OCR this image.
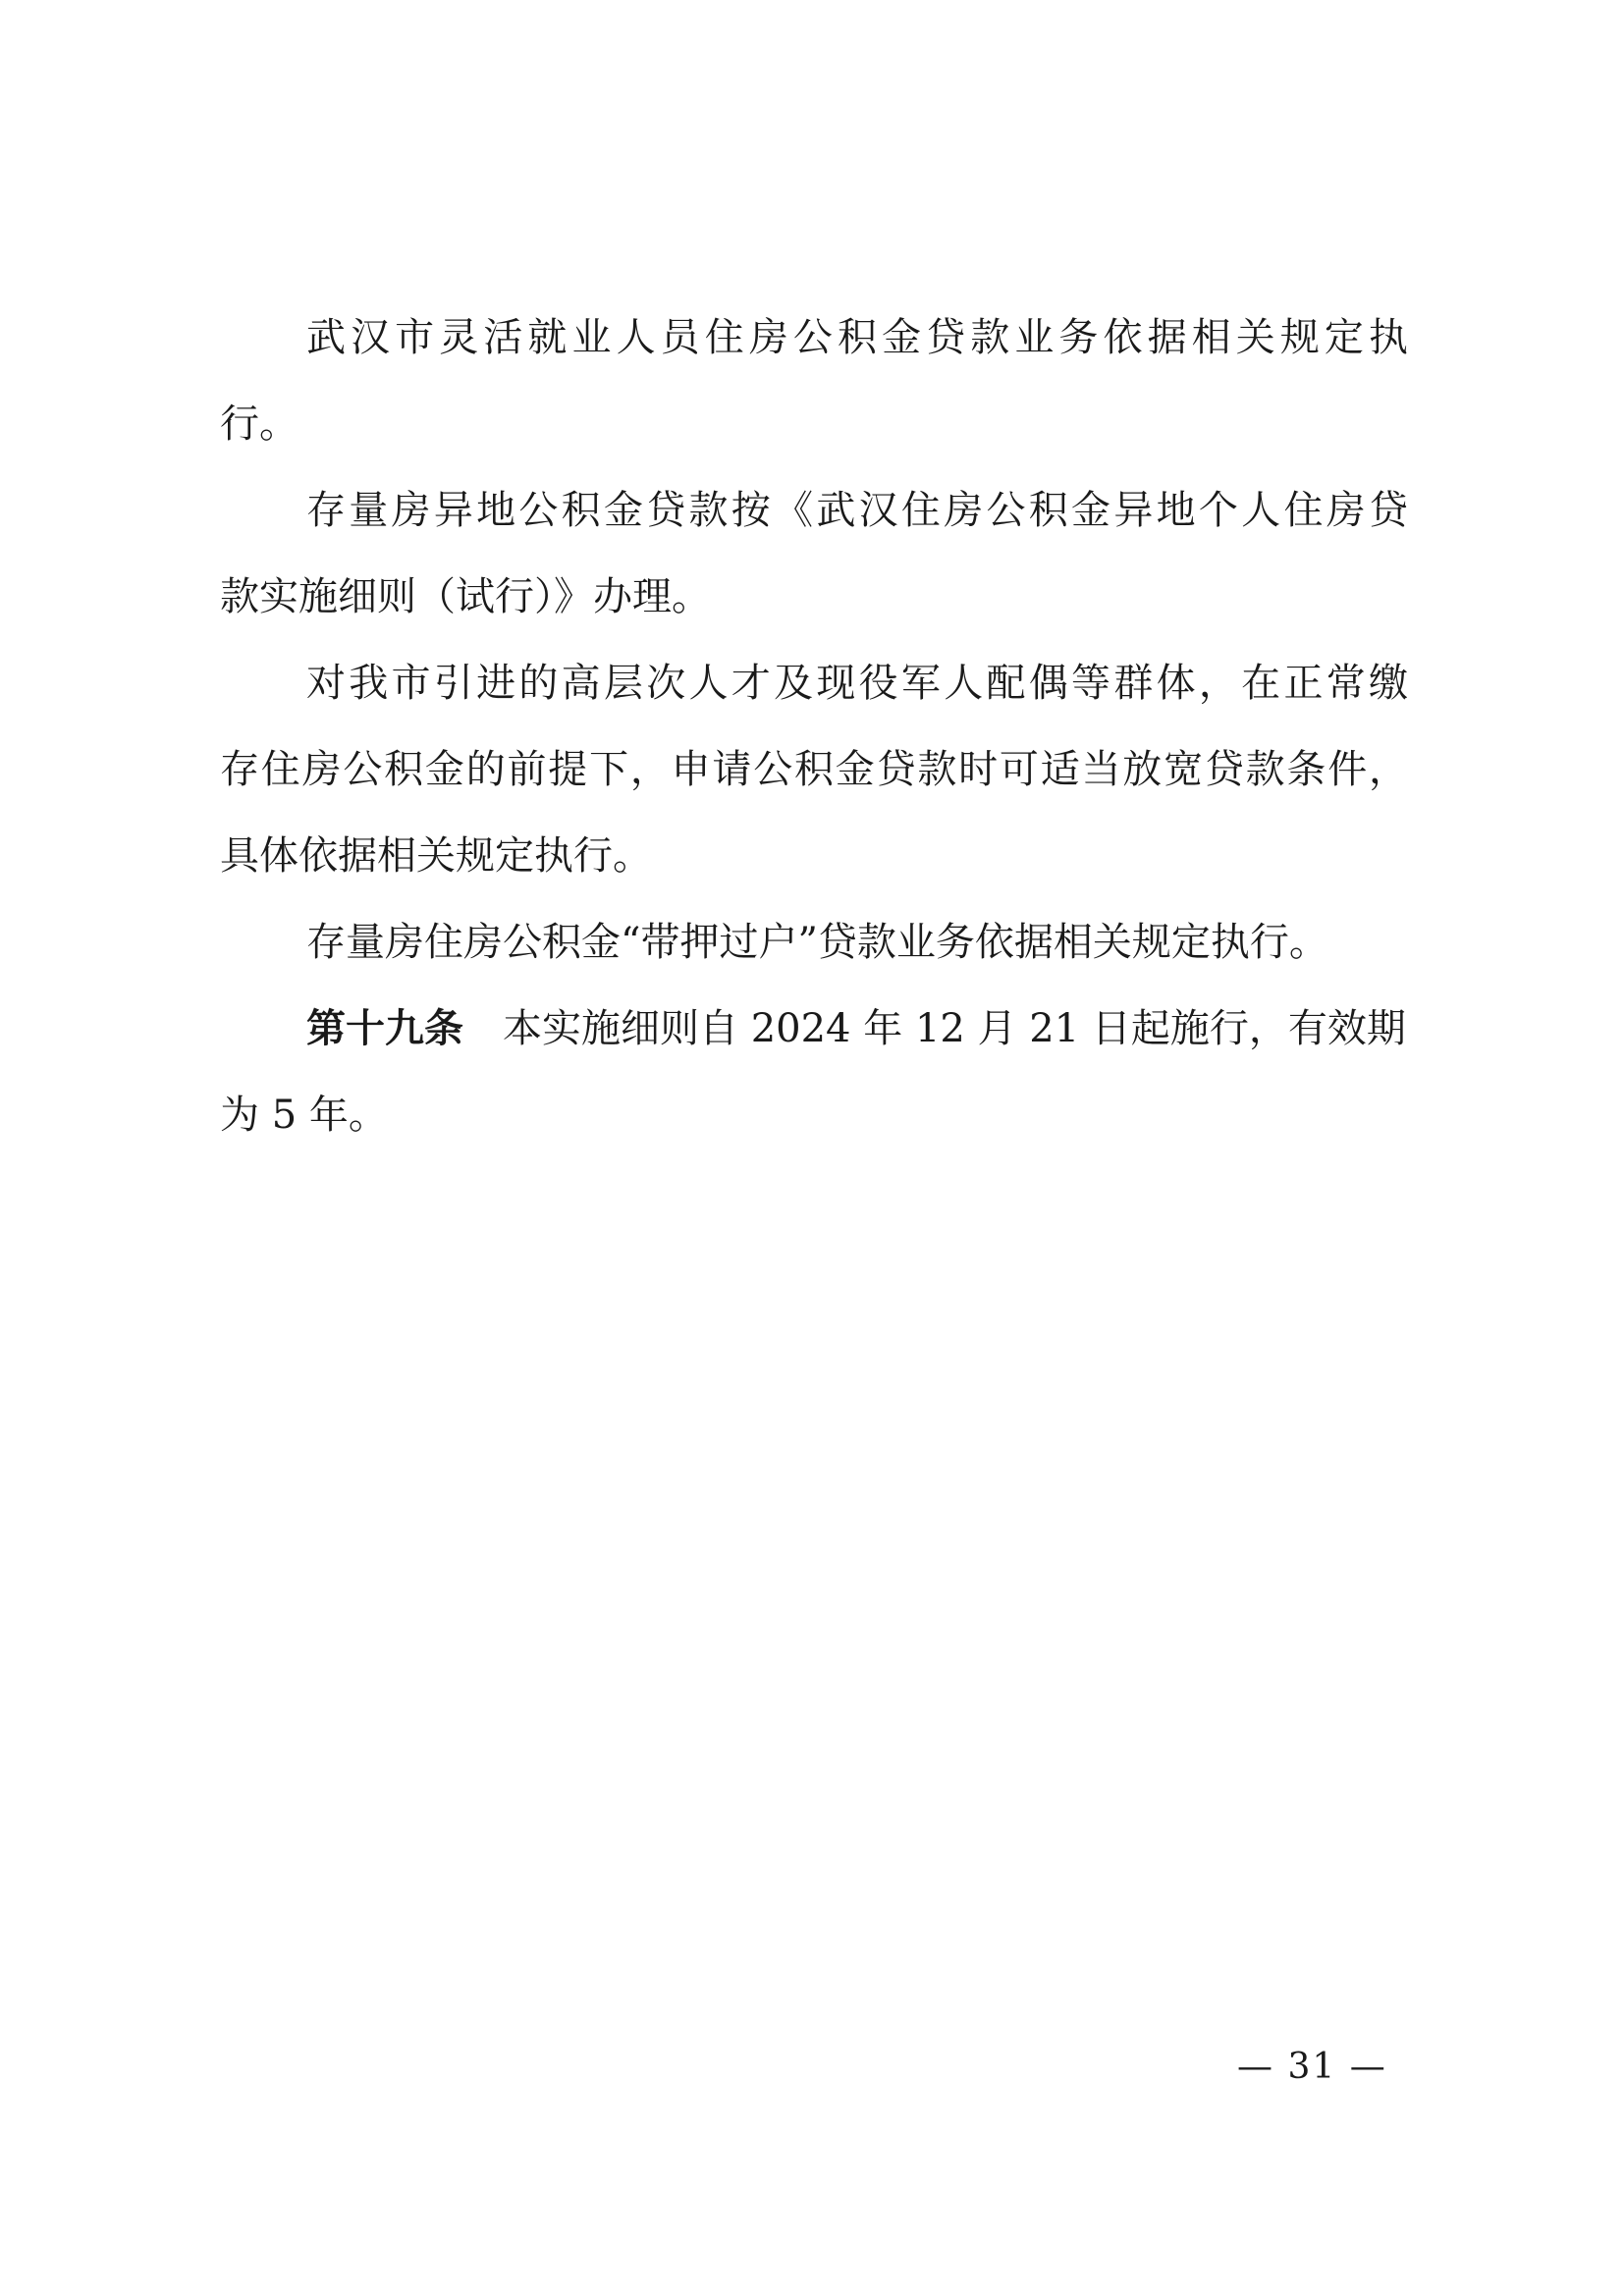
武汉市灵活就业人员住房公积金贷款业务依据相关规定执
行。
存量房异地公积金贷款按《武汉住房公积金异地个人住房贷
款实施细则（试行）》办理。
对我市引进的高层次人才及现役军人配偶等群体，在正常缴
存住房公积金的前提下，申请公积金贷款时可适当放宽贷款条件，
具体依据相关规定执行。
存量房住房公积金“带押过户”贷款业务依据相关规定执行。
第十九条 本实施细则自 2024 年 12 月 21 日起施行，有效期
为 5 年。
— 31 —
